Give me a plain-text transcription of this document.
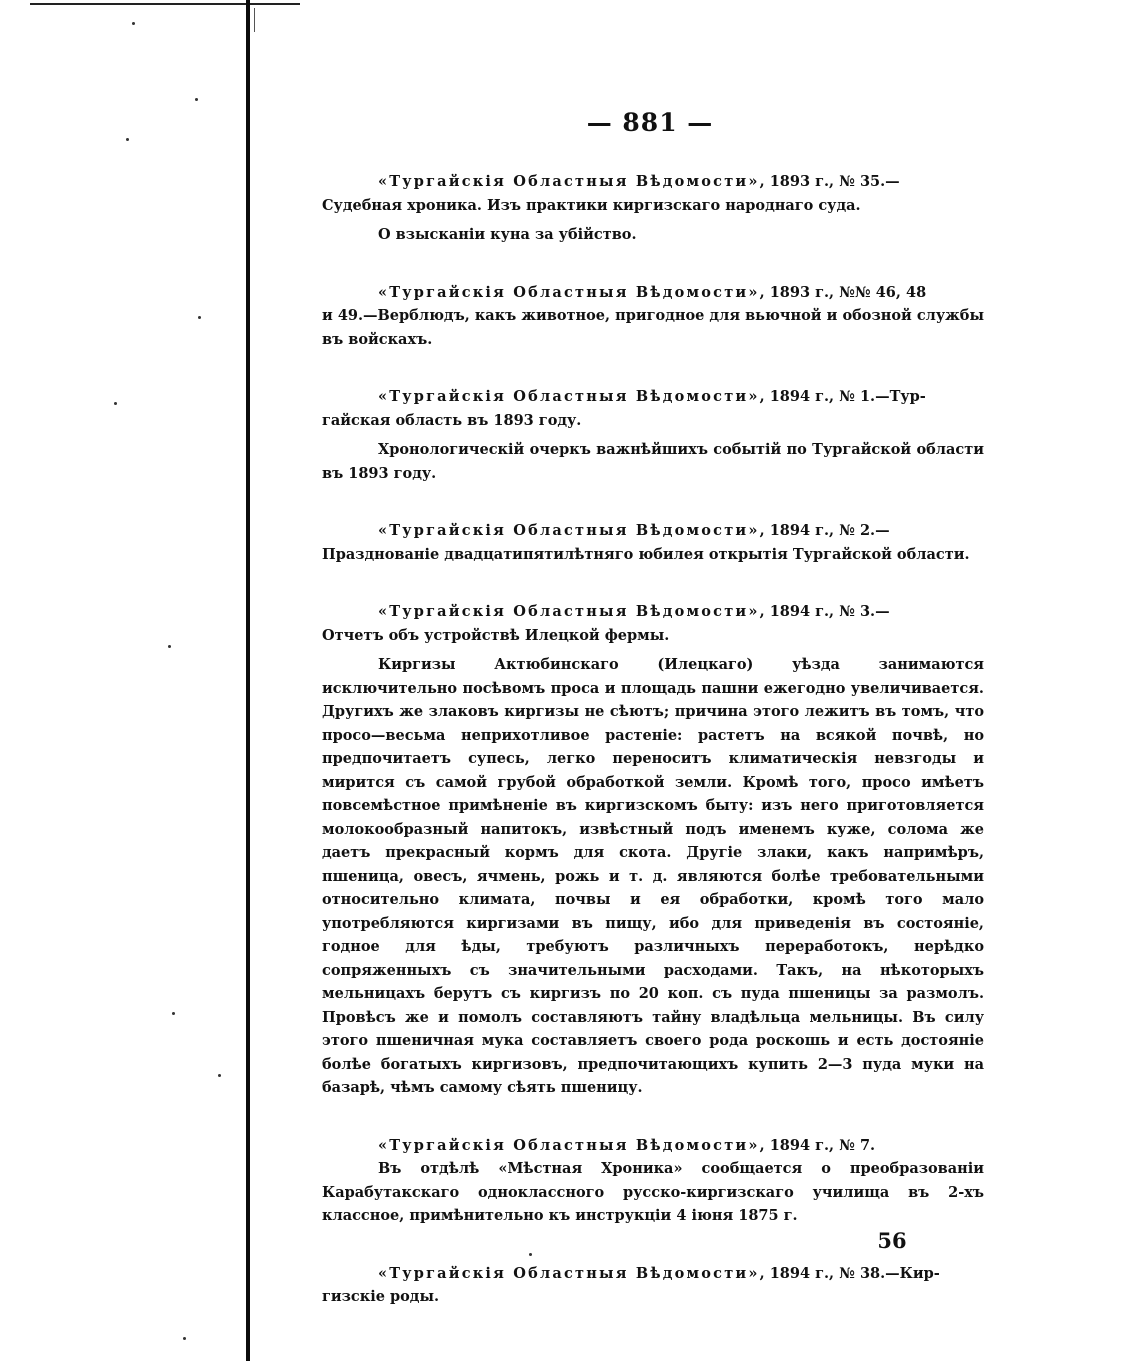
— 881 —

«Тургайскія Областныя Вѣдомости», 1893 г., № 35.—

Судебная хроника. Изъ практики киргизскаго народнаго суда.

О взысканіи куна за убійство.

«Тургайскія Областныя Вѣдомости», 1893 г., №№ 46, 48

и 49.—Верблюдъ, какъ животное, пригодное для вьючной и обозной службы въ войскахъ.

«Тургайскія Областныя Вѣдомости», 1894 г., № 1.—Тур-

гайская область въ 1893 году.

Хронологическій очеркъ важнѣйшихъ событій по Тургайской области въ 1893 году.

«Тургайскія Областныя Вѣдомости», 1894 г., № 2.—

Празднованіе двадцатипятилѣтняго юбилея открытія Тургайской области.

«Тургайскія Областныя Вѣдомости», 1894 г., № 3.—

Отчетъ объ устройствѣ Илецкой фермы.

Киргизы Актюбинскаго (Илецкаго) уѣзда занимаются исключительно посѣвомъ проса и площадь пашни ежегодно увеличивается. Другихъ же злаковъ киргизы не сѣютъ; причина этого лежитъ въ томъ, что просо—весьма неприхотливое растеніе: растетъ на всякой почвѣ, но предпочитаетъ супесь, легко переноситъ климатическія невзгоды и мирится съ самой грубой обработкой земли. Кромѣ того, просо имѣетъ повсемѣстное примѣненіе въ киргизскомъ быту: изъ него приготовляется молокообразный напитокъ, извѣстный подъ именемъ куже, солома же даетъ прекрасный кормъ для скота. Другіе злаки, какъ напримѣръ, пшеница, овесъ, ячмень, рожь и т. д. являются болѣе требовательными относительно климата, почвы и ея обработки, кромѣ того мало употребляются киргизами въ пищу, ибо для приведенія въ состояніе, годное для ѣды, требуютъ различныхъ переработокъ, нерѣдко сопряженныхъ съ значительными расходами. Такъ, на нѣкоторыхъ мельницахъ берутъ съ киргизъ по 20 коп. съ пуда пшеницы за размолъ. Провѣсъ же и помолъ составляютъ тайну владѣльца мельницы. Въ силу этого пшеничная мука составляетъ своего рода роскошь и есть достояніе болѣе богатыхъ киргизовъ, предпочитающихъ купить 2—3 пуда муки на базарѣ, чѣмъ самому сѣять пшеницу.

«Тургайскія Областныя Вѣдомости», 1894 г., № 7.

Въ отдѣлѣ «Мѣстная Хроника» сообщается о преобразованіи Карабутакскаго одноклассного русско-киргизскаго училища въ 2-хъ классное, примѣнительно къ инструкціи 4 іюня 1875 г.

«Тургайскія Областныя Вѣдомости», 1894 г., № 38.—Кир-

гизскіе роды.

56
